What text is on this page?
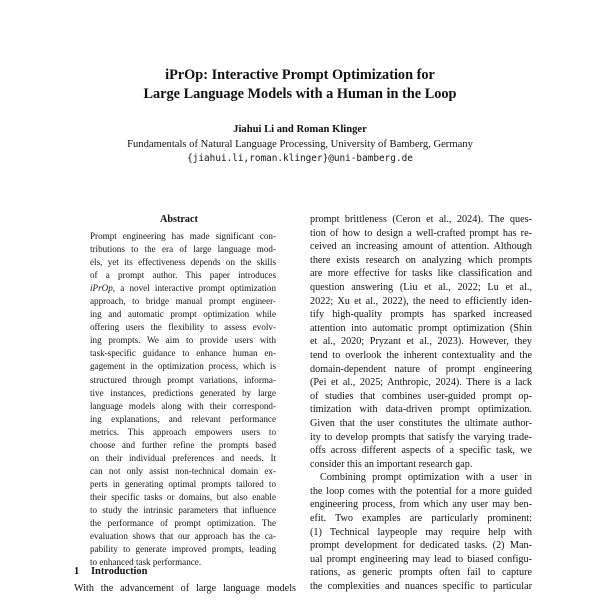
iPrOp: Interactive Prompt Optimization for
Large Language Models with a Human in the Loop
Jiahui Li and Roman Klinger
Fundamentals of Natural Language Processing, University of Bamberg, Germany
{jiahui.li,roman.klinger}@uni-bamberg.de
Abstract
Prompt engineering has made significant con-
tributions to the era of large language mod-
els, yet its effectiveness depends on the skills
of a prompt author. This paper introduces
iPrOp, a novel interactive prompt optimization
approach, to bridge manual prompt engineer-
ing and automatic prompt optimization while
offering users the flexibility to assess evolv-
ing prompts. We aim to provide users with
task-specific guidance to enhance human en-
gagement in the optimization process, which is
structured through prompt variations, informa-
tive instances, predictions generated by large
language models along with their correspond-
ing explanations, and relevant performance
metrics. This approach empowers users to
choose and further refine the prompts based
on their individual preferences and needs. It
can not only assist non-technical domain ex-
perts in generating optimal prompts tailored to
their specific tasks or domains, but also enable
to study the intrinsic parameters that influence
the performance of prompt optimization. The
evaluation shows that our approach has the ca-
pability to generate improved prompts, leading
to enhanced task performance.
1 Introduction
With the advancement of large language models
prompt brittleness (Ceron et al., 2024). The ques-
tion of how to design a well-crafted prompt has re-
ceived an increasing amount of attention. Although
there exists research on analyzing which prompts
are more effective for tasks like classification and
question answering (Liu et al., 2022; Lu et al.,
2022; Xu et al., 2022), the need to efficiently iden-
tify high-quality prompts has sparked increased
attention into automatic prompt optimization (Shin
et al., 2020; Pryzant et al., 2023). However, they
tend to overlook the inherent contextuality and the
domain-dependent nature of prompt engineering
(Pei et al., 2025; Anthropic, 2024). There is a lack
of studies that combines user-guided prompt op-
timization with data-driven prompt optimization.
Given that the user constitutes the ultimate author-
ity to develop prompts that satisfy the varying trade-
offs across different aspects of a specific task, we
consider this an important research gap.
Combining prompt optimization with a user in
the loop comes with the potential for a more guided
engineering process, from which any user may ben-
efit. Two examples are particularly prominent:
(1) Technical laypeople may require help with
prompt development for dedicated tasks. (2) Man-
ual prompt engineering may lead to biased configu-
rations, as generic prompts often fail to capture
the complexities and nuances specific to particular
